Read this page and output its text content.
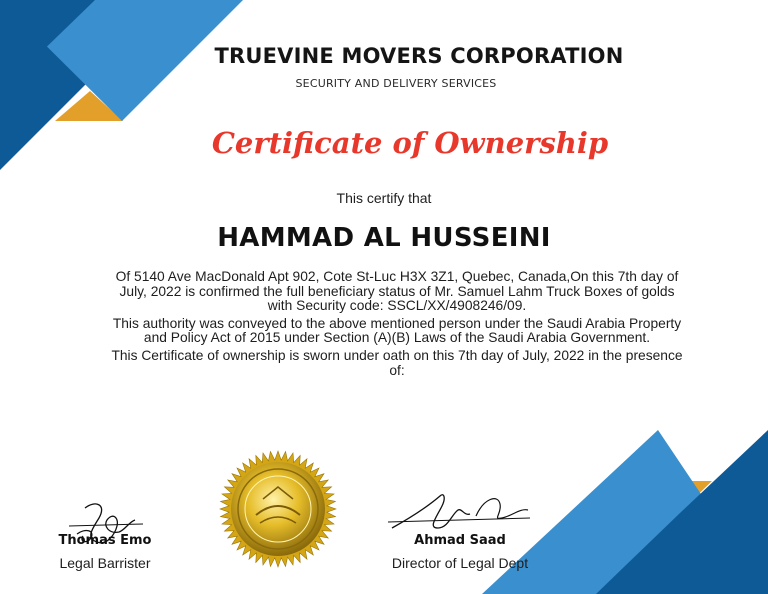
TRUEVINE MOVERS CORPORATION
SECURITY AND DELIVERY SERVICES
Certificate of Ownership
This certify that
HAMMAD AL HUSSEINI

Of 5140 Ave MacDonald Apt 902, Cote St-Luc H3X 3Z1, Quebec, Canada,On this 7th day of July, 2022 is confirmed the full beneficiary status of Mr. Samuel Lahm Truck Boxes of golds with Security code: SSCL/XX/4908246/09.

This authority was conveyed to the above mentioned person under the Saudi Arabia Property and Policy Act of 2015 under Section (A)(B) Laws of the Saudi Arabia Government.

This Certificate of ownership is sworn under oath on this 7th day of July, 2022 in the presence of:

Thomas Emo
Legal Barrister
Ahmad Saad
Director of Legal Dept
